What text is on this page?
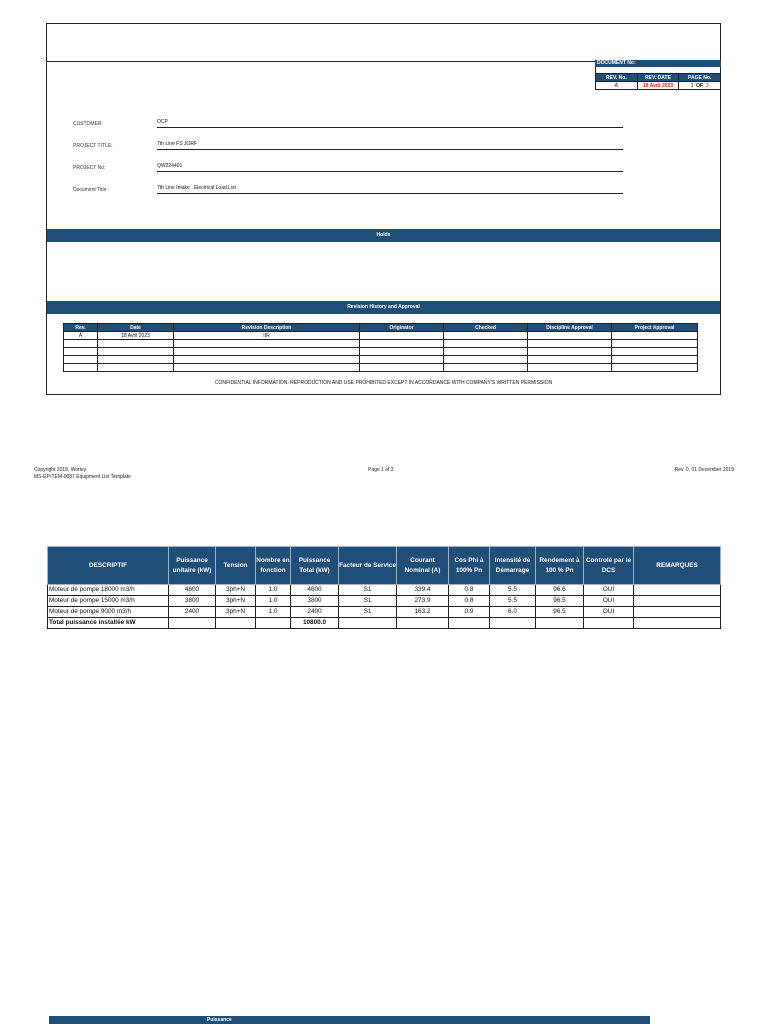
DOCUMENT No:
REV. No.	REV. DATE	PAGE No.
A	18 Avril 2023	1 OF 3
CUSTOMER:	OCP
PROJECT TITLE:	7th Line FS JORF
PROJECT No:	QW224401
Document Title :	7th Line Intake : Electrical Load List
Holds
Revision History and Approval
Rev.	Date	Revision Description	Originator	Checked	Discipline Approval	Project Approval
A	18 Avril 2023	IIR				

CONFIDENTIAL INFORMATION. REPRODUCTION AND USE PROHIBITED EXCEPT IN ACCORDANCE WITH COMPANY'S WRITTEN PERMISSION
Copyright 2019, Worley
MS-EP-TEM-0087 Equipment List Template
Page 1 of 3	Rev. 0, 01 December 2019
DESCRIPTIF	Puissance unitaire (kW)	Tension	Nombre en fonction	Puissance Total (kW)	Facteur de Service	Courant Nominal (A)	Cos Phi à 100% Pn	Intensité de Démarrage	Rendement à 100 % Pn	Controlé par le DCS	REMARQUES
Moteur de pompe 18000 m3/h	4600	3ph+N	1.0	4600	S1	339.4	0.8	5.5	96.6	OUI	
Moteur de pompe 15000 m3/h	3800	3ph+N	1.0	3800	S1	273.9	0.8	5.5	96.5	OUI	
Moteur de pompe 9000 m3/h	2400	3ph+N	1.0	2400	S1	163.2	0.9	6.0	96.5	OUI	
Total puissance installée kW				10800.0							
Puissance
